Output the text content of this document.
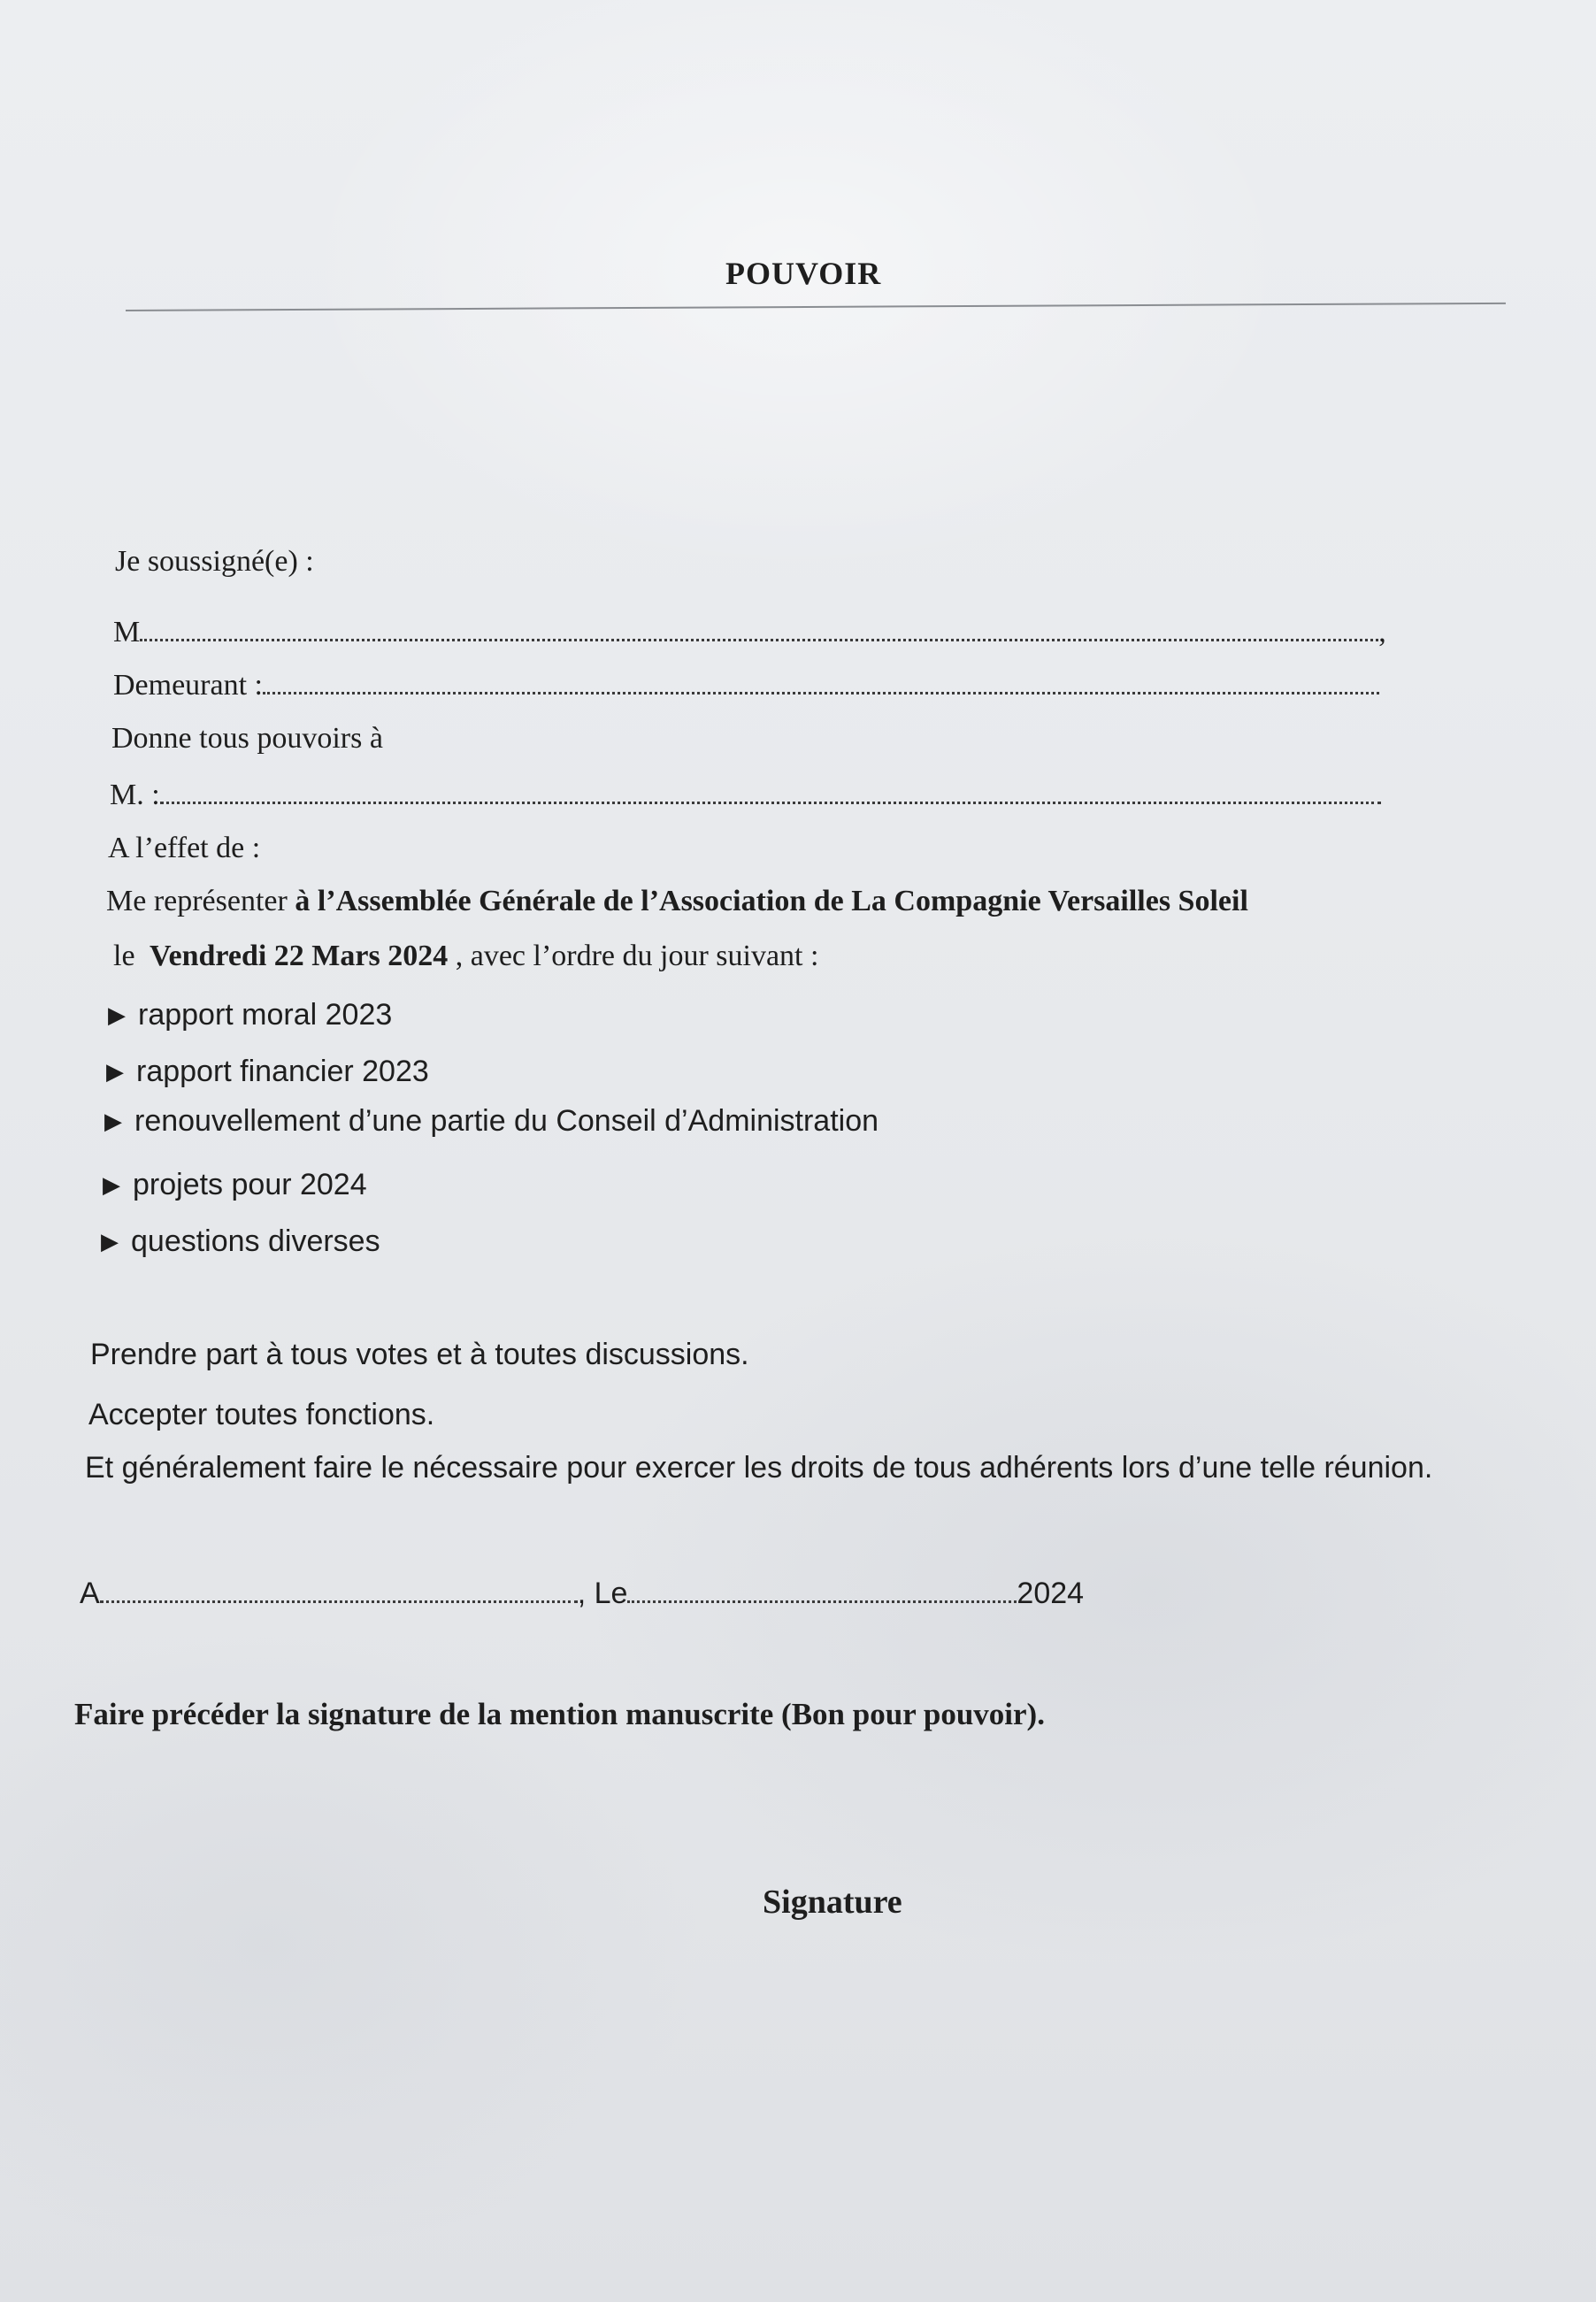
POUVOIR
Je soussigné(e) :
M	,
Demeurant :
Donne tous pouvoirs à
M. :
A l’effet de :
Me représenter à l’Assemblée Générale de l’Association de La Compagnie Versailles Soleil
le Vendredi 22 Mars 2024 , avec l’ordre du jour suivant :
▶ rapport moral 2023
▶ rapport financier 2023
▶ renouvellement d’une partie du Conseil d’Administration
▶ projets pour 2024
▶ questions diverses
Prendre part à tous votes et à toutes discussions.
Accepter toutes fonctions.
Et généralement faire le nécessaire pour exercer les droits de tous adhérents lors d’une telle réunion.
A	, Le	2024
Faire précéder la signature de la mention manuscrite (Bon pour pouvoir).
Signature
